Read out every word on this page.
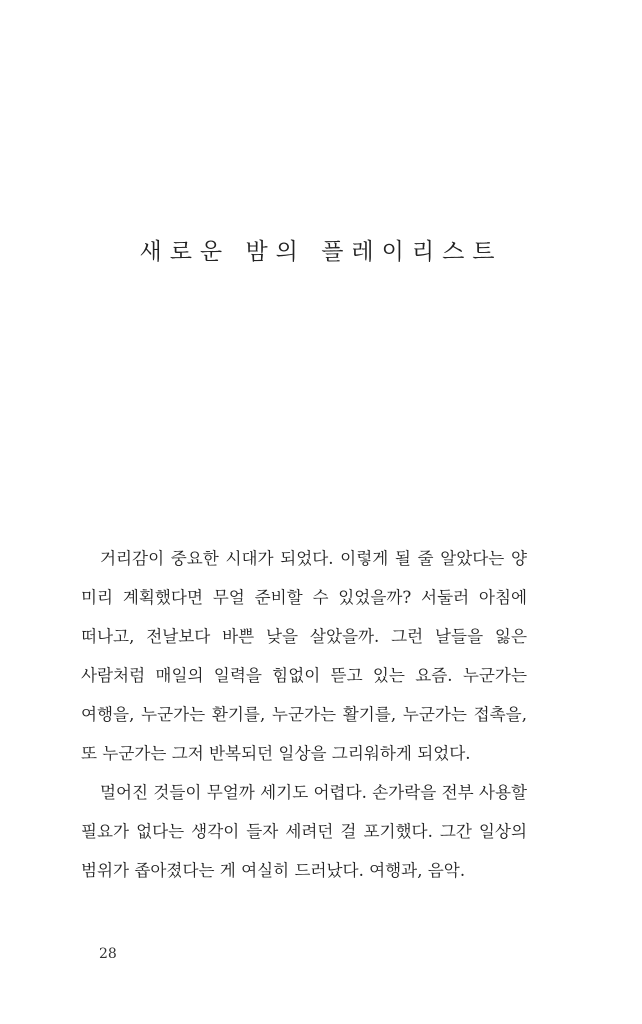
새로운 밤의 플레이리스트

거리감이 중요한 시대가 되었다. 이렇게 될 줄 알았다는 양 미리 계획했다면 무얼 준비할 수 있었을까? 서둘러 아침에 떠나고, 전날보다 바쁜 낮을 살았을까. 그런 날들을 잃은 사람처럼 매일의 일력을 힘없이 뜯고 있는 요즘. 누군가는 여행을, 누군가는 환기를, 누군가는 활기를, 누군가는 접촉을, 또 누군가는 그저 반복되던 일상을 그리워하게 되었다.

멀어진 것들이 무얼까 세기도 어렵다. 손가락을 전부 사용할 필요가 없다는 생각이 들자 세려던 걸 포기했다. 그간 일상의 범위가 좁아졌다는 게 여실히 드러났다. 여행과, 음악.

28
